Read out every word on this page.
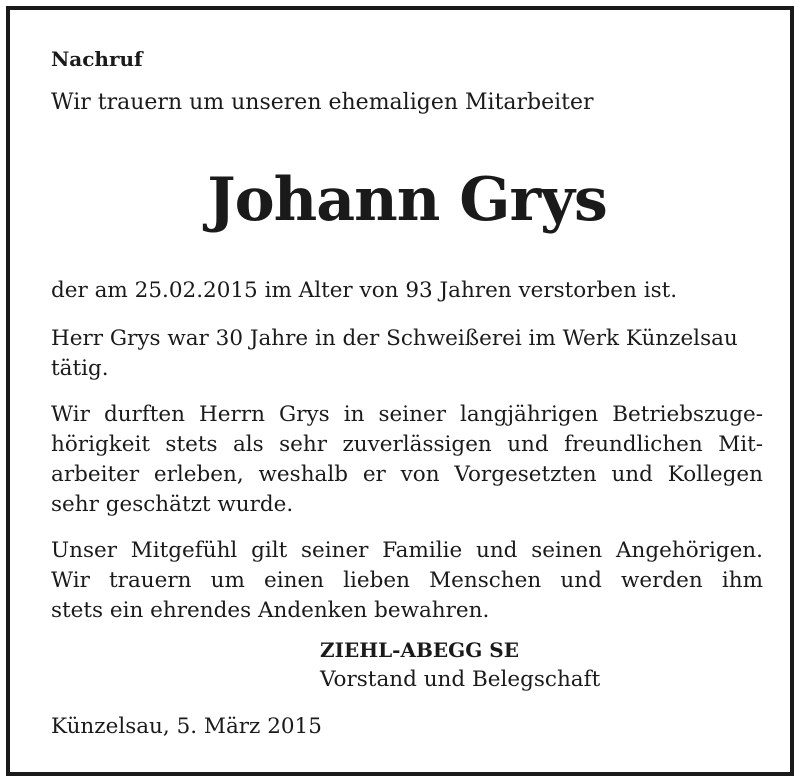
Nachruf
Wir trauern um unseren ehemaligen Mitarbeiter
Johann Grys
der am 25.02.2015 im Alter von 93 Jahren verstorben ist.
Herr Grys war 30 Jahre in der Schweißerei im Werk Künzelsau
tätig.
Wir durften Herrn Grys in seiner langjährigen Betriebszuge-
hörigkeit stets als sehr zuverlässigen und freundlichen Mit-
arbeiter erleben, weshalb er von Vorgesetzten und Kollegen
sehr geschätzt wurde.
Unser Mitgefühl gilt seiner Familie und seinen Angehörigen.
Wir trauern um einen lieben Menschen und werden ihm
stets ein ehrendes Andenken bewahren.
ZIEHL-ABEGG SE
Vorstand und Belegschaft
Künzelsau, 5. März 2015
